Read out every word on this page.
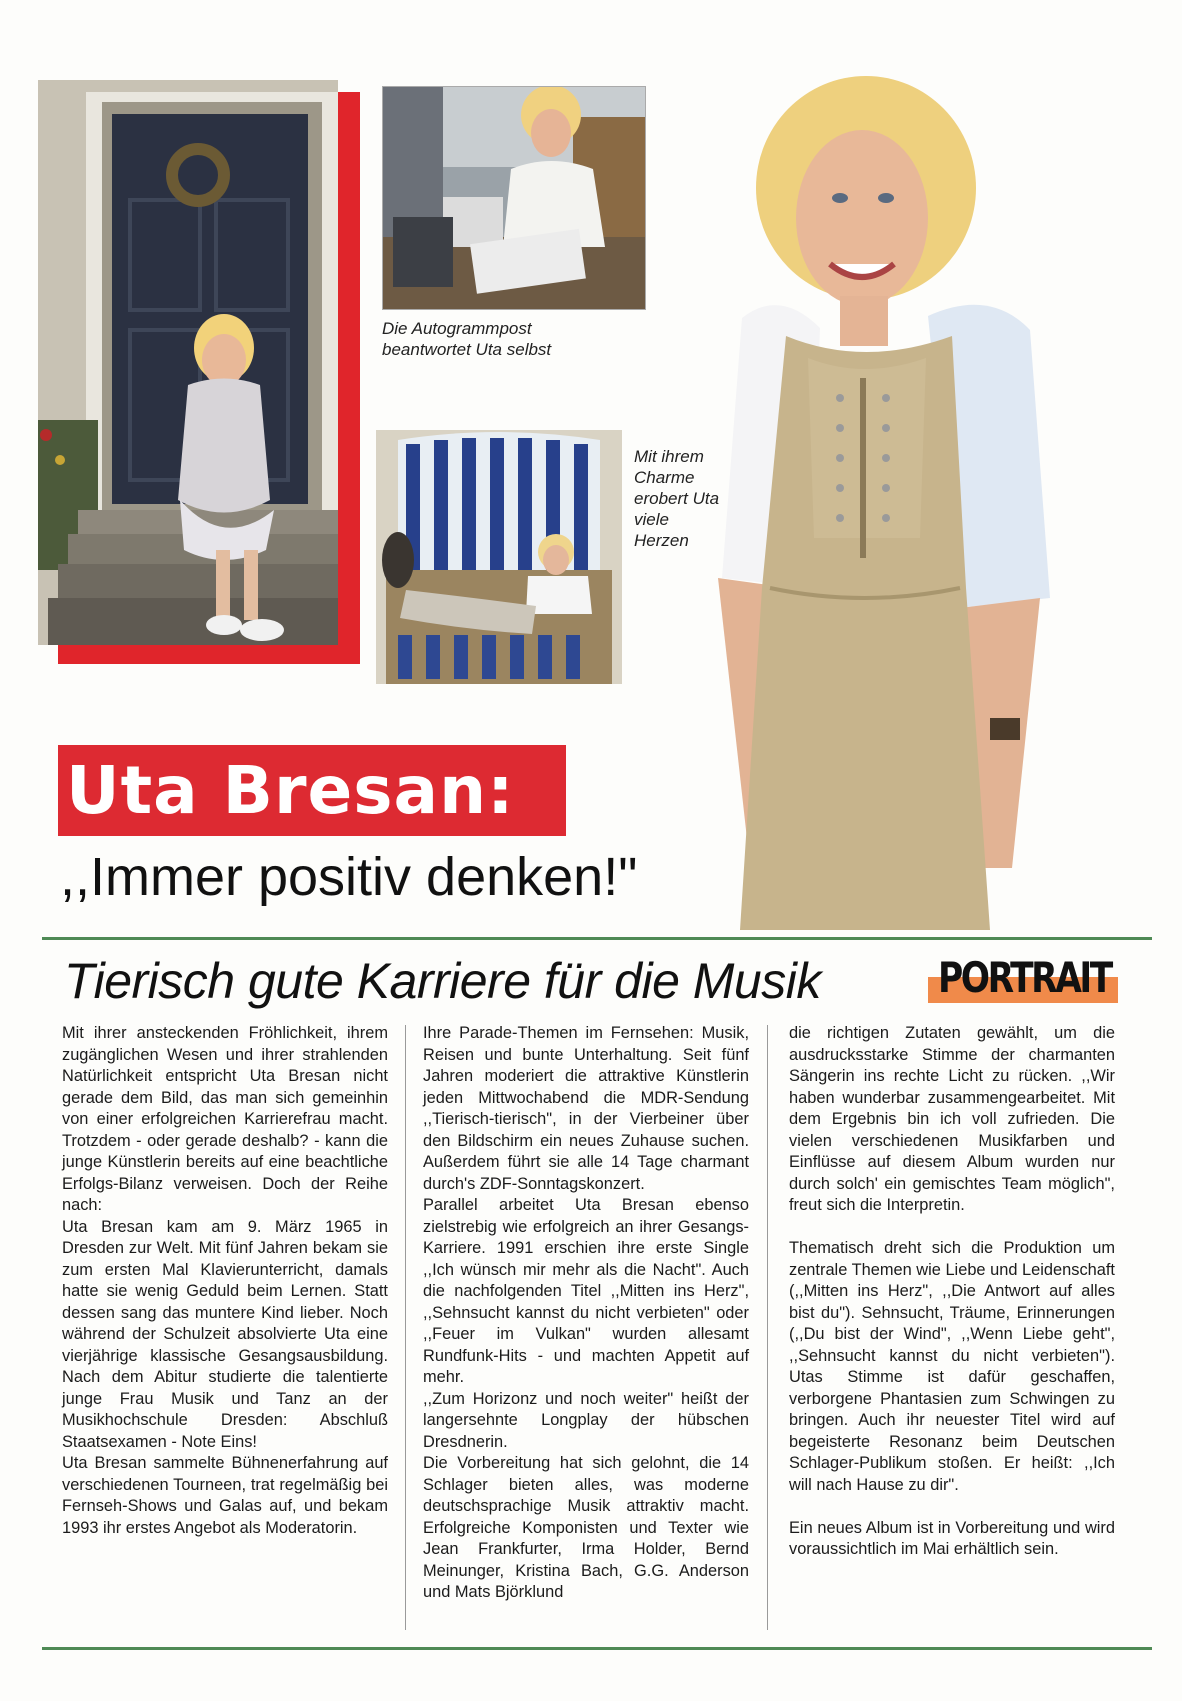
Die Autogrammpost beantwortet Uta selbst
Mit ihrem Charme erobert Uta viele Herzen
Uta Bresan:
,,Immer positiv denken!"
Tierisch gute Karriere für die Musik	PORTRAIT

Mit ihrer ansteckenden Fröhlichkeit, ihrem zugänglichen Wesen und ihrer strahlenden Natürlichkeit entspricht Uta Bresan nicht gerade dem Bild, das man sich gemeinhin von einer erfolgreichen Karrierefrau macht. Trotzdem - oder gerade deshalb? - kann die junge Künstlerin bereits auf eine beachtliche Erfolgs-Bilanz verweisen. Doch der Reihe nach:

Uta Bresan kam am 9. März 1965 in Dresden zur Welt. Mit fünf Jahren bekam sie zum ersten Mal Klavierunterricht, damals hatte sie wenig Geduld beim Lernen. Statt dessen sang das muntere Kind lieber. Noch während der Schulzeit absolvierte Uta eine vierjährige klassische Gesangsausbildung. Nach dem Abitur studierte die talentierte junge Frau Musik und Tanz an der Musikhochschule Dresden: Abschluß Staatsexamen - Note Eins!

Uta Bresan sammelte Bühnenerfahrung auf verschiedenen Tourneen, trat regelmäßig bei Fernseh-Shows und Galas auf, und bekam 1993 ihr erstes Angebot als Moderatorin.

Ihre Parade-Themen im Fernsehen: Musik, Reisen und bunte Unterhaltung. Seit fünf Jahren moderiert die attraktive Künstlerin jeden Mittwochabend die MDR-Sendung ,,Tierisch-tierisch", in der Vierbeiner über den Bildschirm ein neues Zuhause suchen. Außerdem führt sie alle 14 Tage charmant durch's ZDF-Sonntagskonzert.

Parallel arbeitet Uta Bresan ebenso zielstrebig wie erfolgreich an ihrer Gesangs-Karriere. 1991 erschien ihre erste Single ,,Ich wünsch mir mehr als die Nacht". Auch die nachfolgenden Titel ,,Mitten ins Herz", ,,Sehnsucht kannst du nicht verbieten" oder ,,Feuer im Vulkan" wurden allesamt Rundfunk-Hits - und machten Appetit auf mehr.

,,Zum Horizonz und noch weiter" heißt der langersehnte Longplay der hübschen Dresdnerin.

Die Vorbereitung hat sich gelohnt, die 14 Schlager bieten alles, was moderne deutschsprachige Musik attraktiv macht. Erfolgreiche Komponisten und Texter wie Jean Frankfurter, Irma Holder, Bernd Meinunger, Kristina Bach, G.G. Anderson und Mats Björklund

die richtigen Zutaten gewählt, um die ausdrucksstarke Stimme der charmanten Sängerin ins rechte Licht zu rücken. ,,Wir haben wunderbar zusammengearbeitet. Mit dem Ergebnis bin ich voll zufrieden. Die vielen verschiedenen Musikfarben und Einflüsse auf diesem Album wurden nur durch solch' ein gemischtes Team möglich", freut sich die Interpretin.

Thematisch dreht sich die Produktion um zentrale Themen wie Liebe und Leidenschaft (,,Mitten ins Herz", ,,Die Antwort auf alles bist du"). Sehnsucht, Träume, Erinnerungen (,,Du bist der Wind", ,,Wenn Liebe geht", ,,Sehnsucht kannst du nicht verbieten"). Utas Stimme ist dafür geschaffen, verborgene Phantasien zum Schwingen zu bringen. Auch ihr neuester Titel wird auf begeisterte Resonanz beim Deutschen Schlager-Publikum stoßen. Er heißt: ,,Ich will nach Hause zu dir".

Ein neues Album ist in Vorbereitung und wird voraussichtlich im Mai erhältlich sein.
